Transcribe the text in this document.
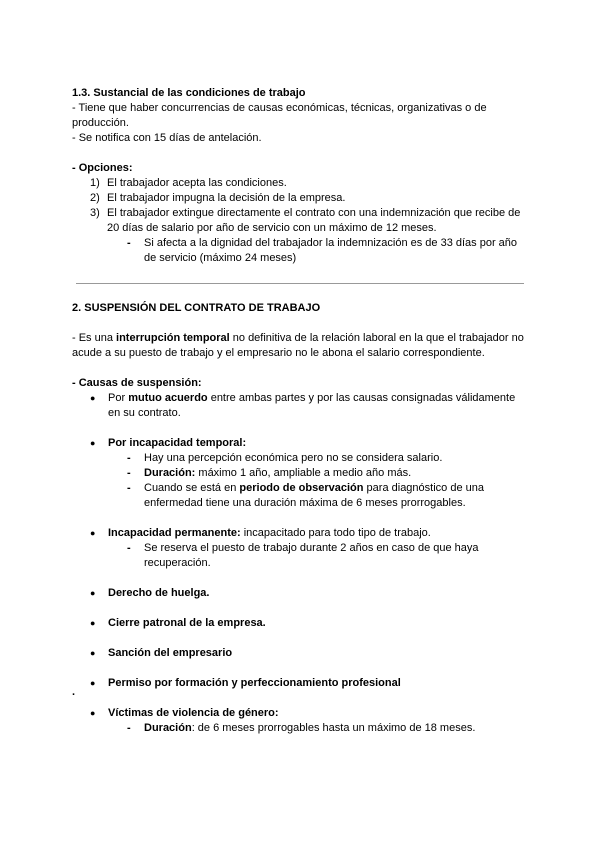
1.3. Sustancial de las condiciones de trabajo

- Tiene que haber concurrencias de causas económicas, técnicas, organizativas o de producción.

- Se notifica con 15 días de antelación.

- Opciones:

1) El trabajador acepta las condiciones.
2) El trabajador impugna la decisión de la empresa.
3) El trabajador extingue directamente el contrato con una indemnización que recibe de 20 días de salario por año de servicio con un máximo de 12 meses.
- Si afecta a la dignidad del trabajador la indemnización es de 33 días por año de servicio (máximo 24 meses)

2. SUSPENSIÓN DEL CONTRATO DE TRABAJO

- Es una interrupción temporal no definitiva de la relación laboral en la que el trabajador no acude a su puesto de trabajo y el empresario no le abona el salario correspondiente.

- Causas de suspensión:

● Por mutuo acuerdo entre ambas partes y por las causas consignadas válidamente en su contrato.
● Por incapacidad temporal:
- Hay una percepción económica pero no se considera salario.
- Duración: máximo 1 año, ampliable a medio año más.
- Cuando se está en periodo de observación para diagnóstico de una enfermedad tiene una duración máxima de 6 meses prorrogables.
● Incapacidad permanente: incapacitado para todo tipo de trabajo.
- Se reserva el puesto de trabajo durante 2 años en caso de que haya recuperación.
● Derecho de huelga.
● Cierre patronal de la empresa.
● Sanción del empresario
● Permiso por formación y perfeccionamiento profesional
● Víctimas de violencia de género:
- Duración: de 6 meses prorrogables hasta un máximo de 18 meses.
.
